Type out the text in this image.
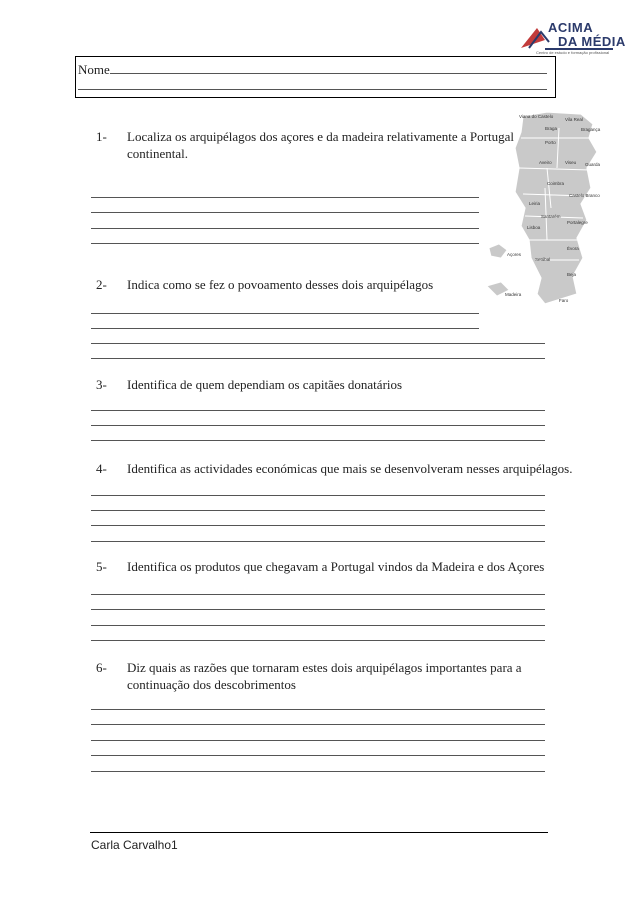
ACIMA
DA MÉDIA
Centro de estudo e formação profissional
Nome
Viana do Castelo
Vila Real
Bragança
Braga
Porto
Aveiro	Viseu Guarda
Coimbra
Castelo Branco
Leiria
Santarém
Portalegre
Lisboa
Évora
Açores
Setúbal
Beja
Madeira
Faro
1- Localiza os arquipélagos dos açores e da madeira relativamente a Portugal
continental.
2- Indica como se fez o povoamento desses dois arquipélagos
3- Identifica de quem dependiam os capitães donatários
4- Identifica as actividades económicas que mais se desenvolveram nesses arquipélagos.
5- Identifica os produtos que chegavam a Portugal vindos da Madeira e dos Açores
6- Diz quais as razões que tornaram estes dois arquipélagos importantes para a
continuação dos descobrimentos
Carla Carvalho1
